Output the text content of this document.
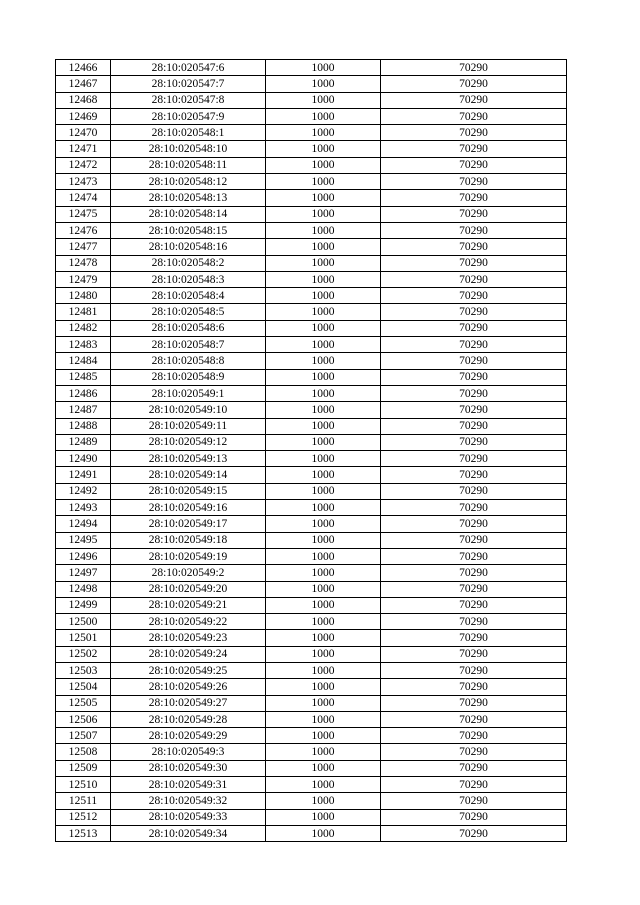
12466	28:10:020547:6	1000	70290
12467	28:10:020547:7	1000	70290
12468	28:10:020547:8	1000	70290
12469	28:10:020547:9	1000	70290
12470	28:10:020548:1	1000	70290
12471	28:10:020548:10	1000	70290
12472	28:10:020548:11	1000	70290
12473	28:10:020548:12	1000	70290
12474	28:10:020548:13	1000	70290
12475	28:10:020548:14	1000	70290
12476	28:10:020548:15	1000	70290
12477	28:10:020548:16	1000	70290
12478	28:10:020548:2	1000	70290
12479	28:10:020548:3	1000	70290
12480	28:10:020548:4	1000	70290
12481	28:10:020548:5	1000	70290
12482	28:10:020548:6	1000	70290
12483	28:10:020548:7	1000	70290
12484	28:10:020548:8	1000	70290
12485	28:10:020548:9	1000	70290
12486	28:10:020549:1	1000	70290
12487	28:10:020549:10	1000	70290
12488	28:10:020549:11	1000	70290
12489	28:10:020549:12	1000	70290
12490	28:10:020549:13	1000	70290
12491	28:10:020549:14	1000	70290
12492	28:10:020549:15	1000	70290
12493	28:10:020549:16	1000	70290
12494	28:10:020549:17	1000	70290
12495	28:10:020549:18	1000	70290
12496	28:10:020549:19	1000	70290
12497	28:10:020549:2	1000	70290
12498	28:10:020549:20	1000	70290
12499	28:10:020549:21	1000	70290
12500	28:10:020549:22	1000	70290
12501	28:10:020549:23	1000	70290
12502	28:10:020549:24	1000	70290
12503	28:10:020549:25	1000	70290
12504	28:10:020549:26	1000	70290
12505	28:10:020549:27	1000	70290
12506	28:10:020549:28	1000	70290
12507	28:10:020549:29	1000	70290
12508	28:10:020549:3	1000	70290
12509	28:10:020549:30	1000	70290
12510	28:10:020549:31	1000	70290
12511	28:10:020549:32	1000	70290
12512	28:10:020549:33	1000	70290
12513	28:10:020549:34	1000	70290
